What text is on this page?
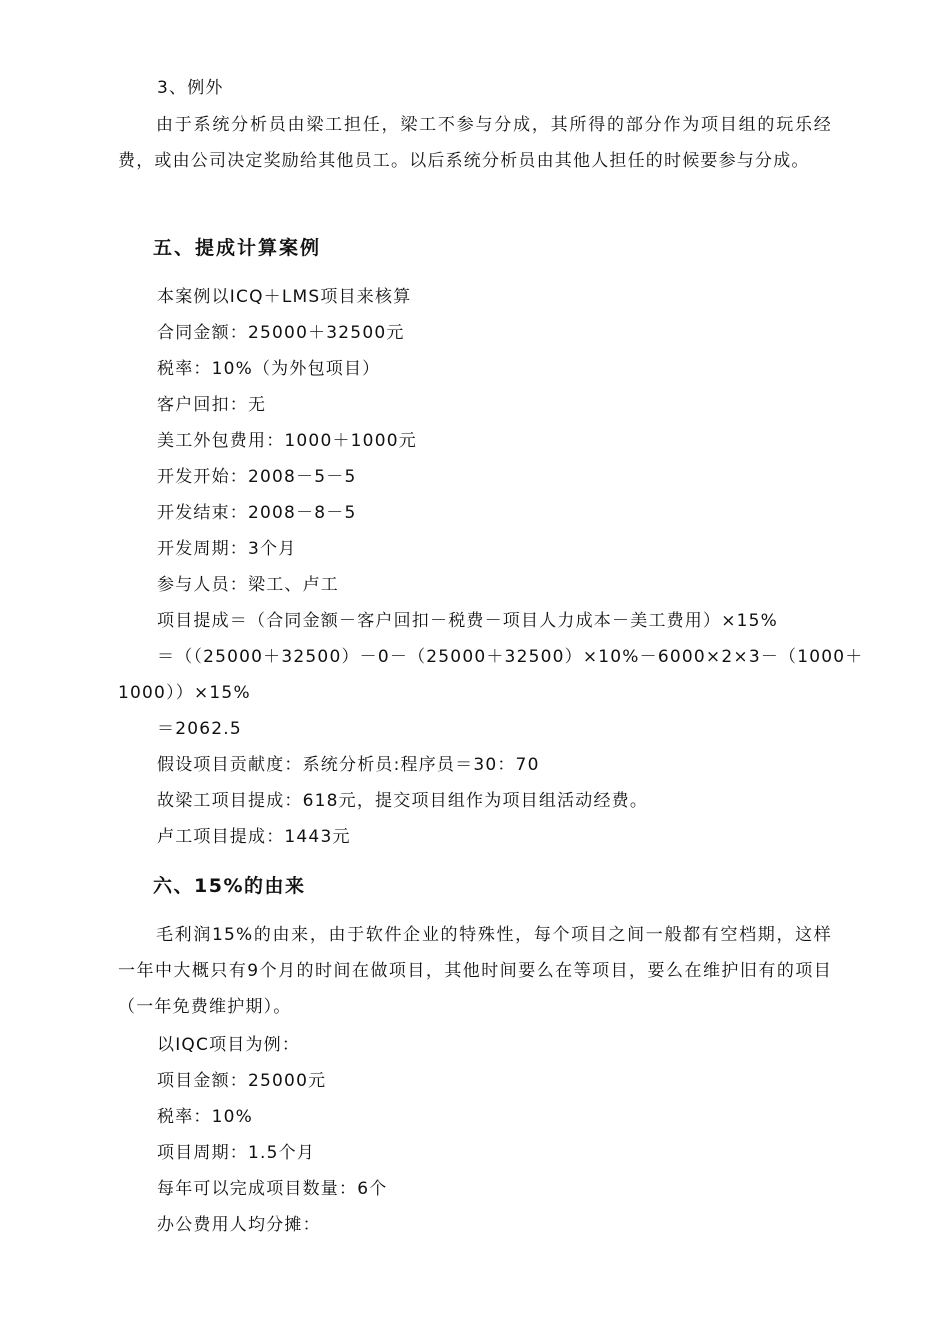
3、例外

由于系统分析员由梁工担任，梁工不参与分成，其所得的部分作为项目组的玩乐经费，或由公司决定奖励给其他员工。以后系统分析员由其他人担任的时候要参与分成。

五、提成计算案例
本案例以ICQ＋LMS项目来核算
合同金额：25000＋32500元
税率：10%（为外包项目）
客户回扣：无
美工外包费用：1000＋1000元
开发开始：2008－5－5
开发结束：2008－8－5
开发周期：3个月
参与人员：梁工、卢工
项目提成＝（合同金额－客户回扣－税费－项目人力成本－美工费用）×15%
＝（（25000＋32500）－0－（25000＋32500）×10%－6000×2×3－（1000＋
1000））×15%
＝2062.5
假设项目贡献度：系统分析员:程序员＝30：70
故梁工项目提成：618元，提交项目组作为项目组活动经费。
卢工项目提成：1443元
六、15%的由来

毛利润15%的由来，由于软件企业的特殊性，每个项目之间一般都有空档期，这样一年中大概只有9个月的时间在做项目，其他时间要么在等项目，要么在维护旧有的项目（一年免费维护期）。

以IQC项目为例：
项目金额：25000元
税率：10%
项目周期：1.5个月
每年可以完成项目数量：6个
办公费用人均分摊：
